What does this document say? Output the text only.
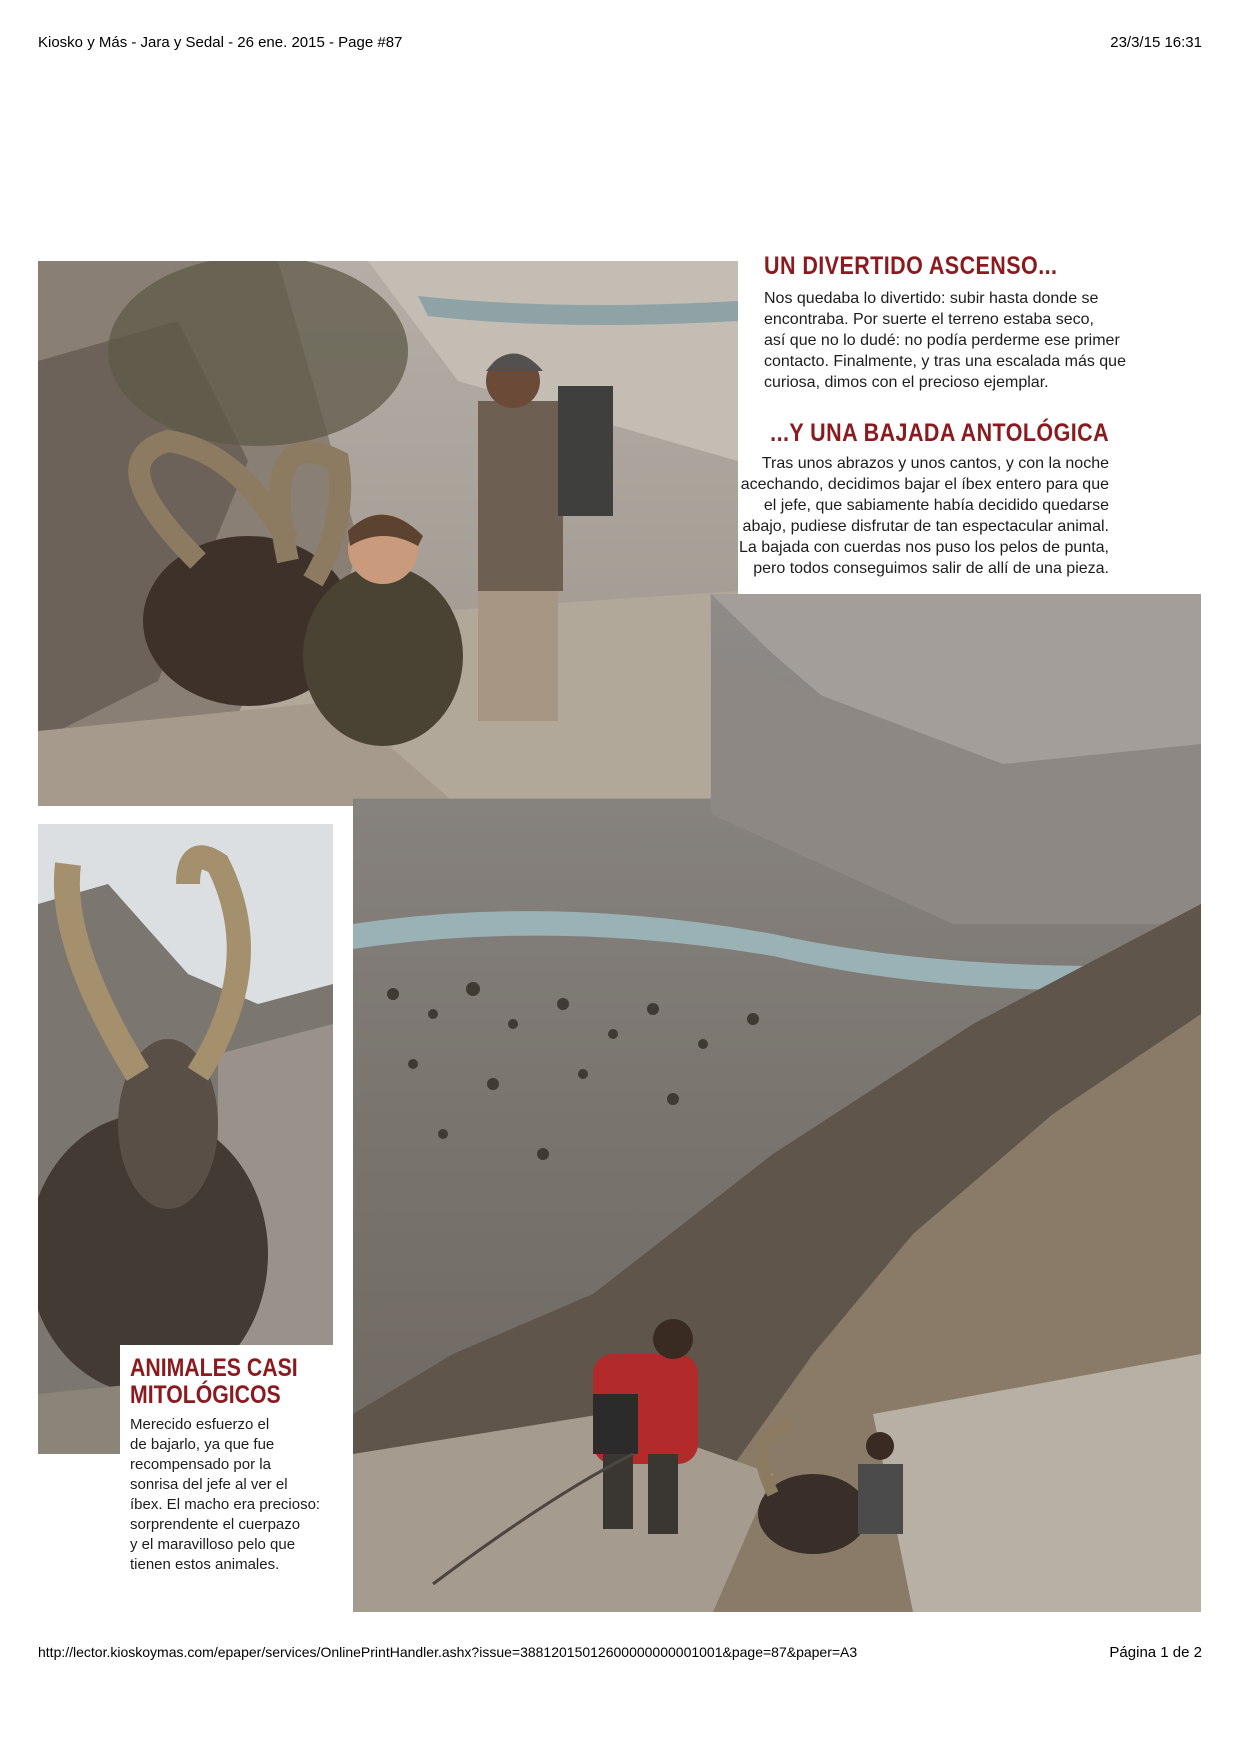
Kiosko y Más - Jara y Sedal - 26 ene. 2015 - Page #87	23/3/15 16:31
UN DIVERTIDO ASCENSO...
Nos quedaba lo divertido: subir hasta donde se
encontraba. Por suerte el terreno estaba seco,
así que no lo dudé: no podía perderme ese primer
contacto. Finalmente, y tras una escalada más que
curiosa, dimos con el precioso ejemplar.
...Y UNA BAJADA ANTOLÓGICA
Tras unos abrazos y unos cantos, y con la noche
acechando, decidimos bajar el íbex entero para que
el jefe, que sabiamente había decidido quedarse
abajo, pudiese disfrutar de tan espectacular animal.
La bajada con cuerdas nos puso los pelos de punta,
pero todos conseguimos salir de allí de una pieza.
ANIMALES CASI
MITOLÓGICOS
Merecido esfuerzo el
de bajarlo, ya que fue
recompensado por la
sonrisa del jefe al ver el
íbex. El macho era precioso:
sorprendente el cuerpazo
y el maravilloso pelo que
tienen estos animales.
http://lector.kioskoymas.com/epaper/services/OnlinePrintHandler.ashx?issue=38812015012600000000001001&page=87&paper=A3	Página 1 de 2
